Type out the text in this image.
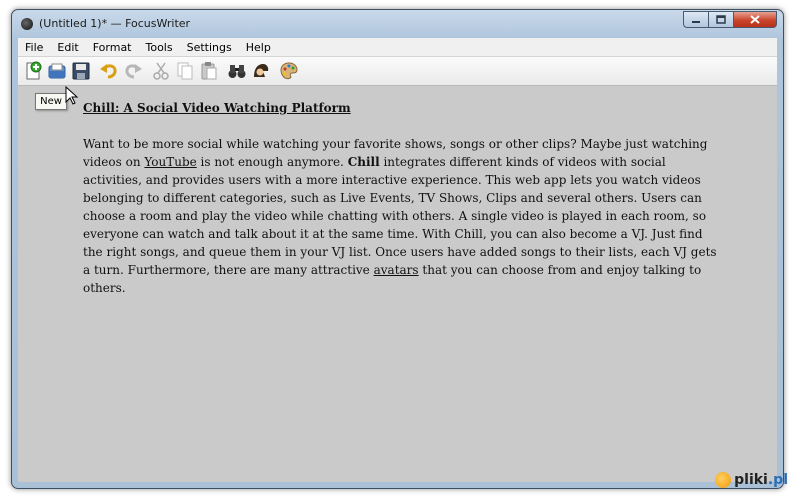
(Untitled 1)* — FocusWriter
File	Edit	Format	Tools	Settings	Help

Chill: A Social Video Watching Platform

Want to be more social while watching your favorite shows, songs or other clips? Maybe just watching videos on YouTube is not enough anymore. Chill integrates different kinds of videos with social activities, and provides users with a more interactive experience. This web app lets you watch videos belonging to different categories, such as Live Events, TV Shows, Clips and several others. Users can choose a room and play the video while chatting with others. A single video is played in each room, so everyone can watch and talk about it at the same time. With Chill, you can also become a VJ. Just find the right songs, and queue them in your VJ list. Once users have added songs to their lists, each VJ gets a turn. Furthermore, there are many attractive avatars that you can choose from and enjoy talking to others.

New
pliki .pl
